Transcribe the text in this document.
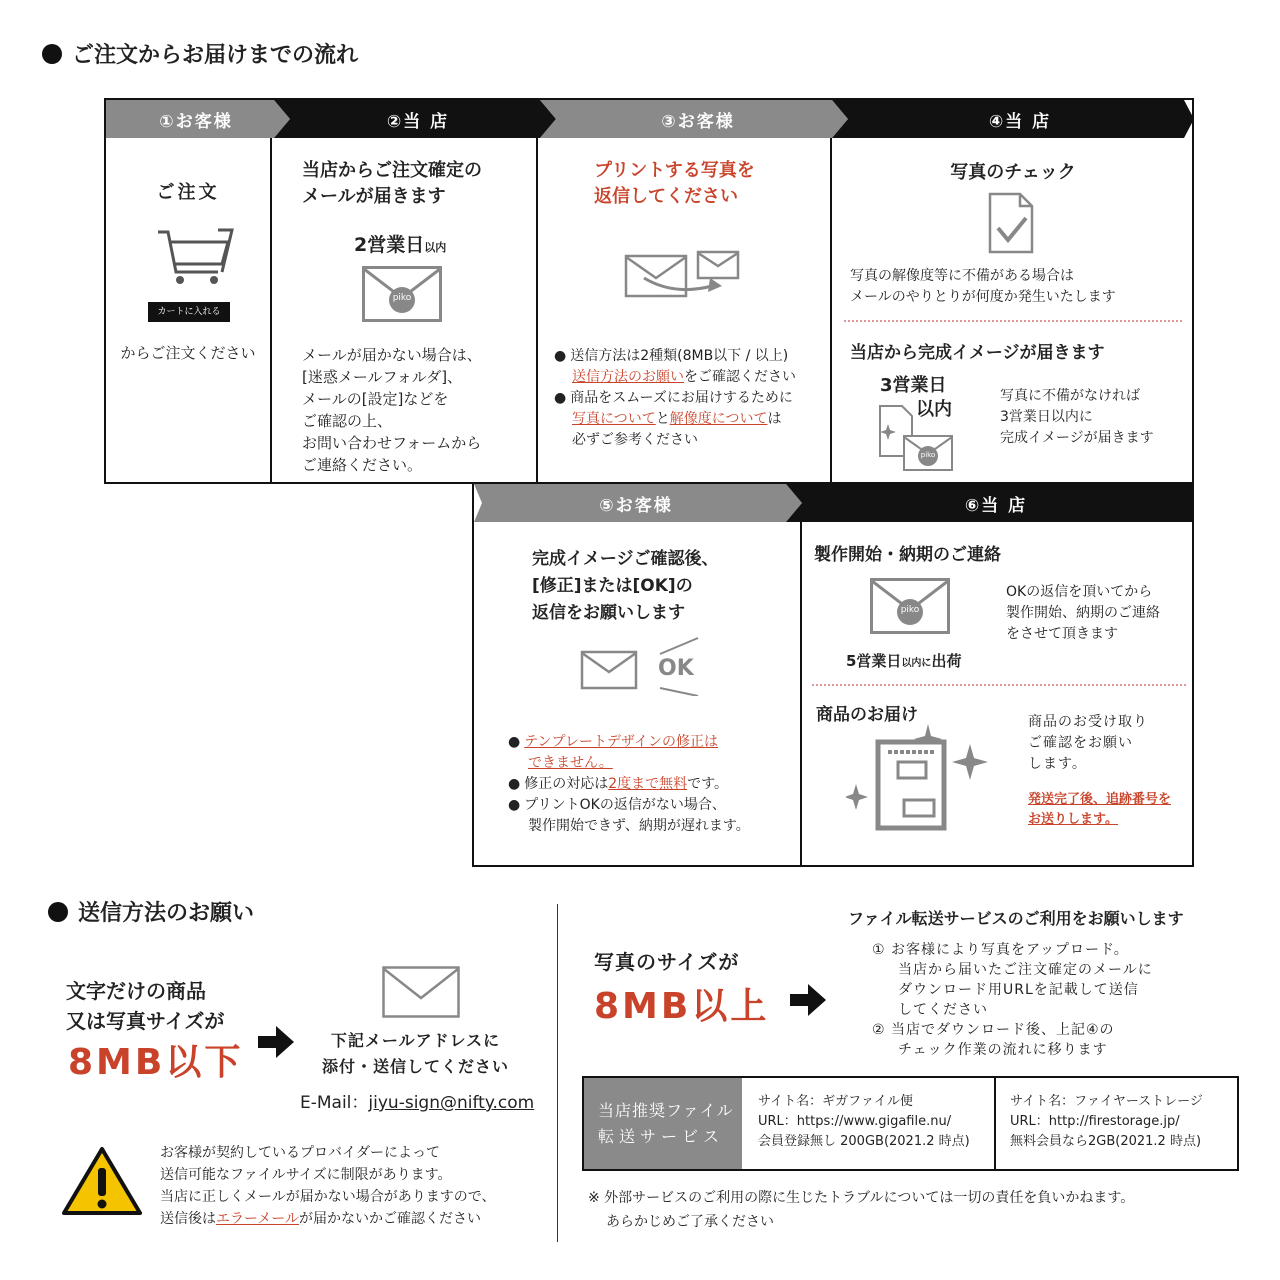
ご注文からお届けまでの流れ
①お客様	②当 店	③お客様	④当 店
ご注文
カートに入れる
からご注文ください
当店からご注文確定の
メールが届きます
2営業日以内
piko
メールが届かない場合は、
[迷惑メールフォルダ]、
メールの[設定]などを
ご確認の上、
お問い合わせフォームから
ご連絡ください。
プリントする写真を
返信してください
● 送信方法は2種類(8MB以下 / 以上)
送信方法のお願いをご確認ください
● 商品をスムーズにお届けするために
写真についてと解像度については
必ずご参考ください
写真のチェック
写真の解像度等に不備がある場合は
メールのやりとりが何度か発生いたします
当店から完成イメージが届きます
3営業日
以内
piko
写真に不備がなければ
3営業日以内に
完成イメージが届きます
⑤お客様	⑥当 店
完成イメージご確認後、
[修正]または[OK]の
返信をお願いします
OK
● テンプレートデザインの修正は
できません。
● 修正の対応は2度まで無料です。
● プリントOKの返信がない場合、
製作開始できず、納期が遅れます。
製作開始・納期のご連絡
piko
5営業日以内に出荷
OKの返信を頂いてから
製作開始、納期のご連絡
をさせて頂きます
商品のお届け	商品のお受け取り
ご確認をお願い
します。
発送完了後、追跡番号を
お送りします。
送信方法のお願い
文字だけの商品
又は写真サイズが
8MB以下
下記メールアドレスに
添付・送信してください
E-Mail：jiyu-sign@nifty.com
お客様が契約しているプロバイダーによって
送信可能なファイルサイズに制限があります。
当店に正しくメールが届かない場合がありますので、
送信後はエラーメールが届かないかご確認ください
写真のサイズが
8MB以上
ファイル転送サービスのご利用をお願いします
① お客様により写真をアップロード。
当店から届いたご注文確定のメールに
ダウンロード用URLを記載して送信
してください
② 当店でダウンロード後、上記④の
チェック作業の流れに移ります
当店推奨ファイル
転送サービス
サイト名：ギガファイル便
URL：https://www.gigafile.nu/
会員登録無し 200GB(2021.2 時点)
サイト名：ファイヤーストレージ
URL：http://firestorage.jp/
無料会員なら2GB(2021.2 時点)
※ 外部サービスのご利用の際に生じたトラブルについては一切の責任を負いかねます。
あらかじめご了承ください
